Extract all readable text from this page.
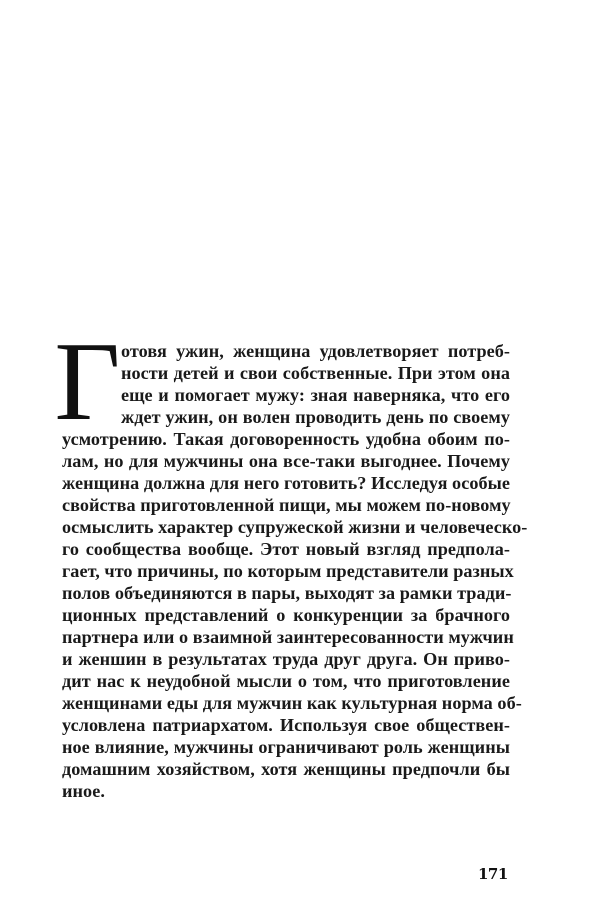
Г отовя ужин, женщина удовлетворяет потреб-
ности детей и свои собственные. При этом она
еще и помогает мужу: зная наверняка, что его
ждет ужин, он волен проводить день по своему
усмотрению. Такая договоренность удобна обоим по-
лам, но для мужчины она все-таки выгоднее. Почему
женщина должна для него готовить? Исследуя особые
свойства приготовленной пищи, мы можем по-новому
осмыслить характер супружеской жизни и человеческо-
го сообщества вообще. Этот новый взгляд предпола-
гает, что причины, по которым представители разных
полов объединяются в пары, выходят за рамки тради-
ционных представлений о конкуренции за брачного
партнера или о взаимной заинтересованности мужчин
и женшин в результатах труда друг друга. Он приво-
дит нас к неудобной мысли о том, что приготовление
женщинами еды для мужчин как культурная норма об-
условлена патриархатом. Используя свое обществен-
ное влияние, мужчины ограничивают роль женщины
домашним хозяйством, хотя женщины предпочли бы
иное.
171
